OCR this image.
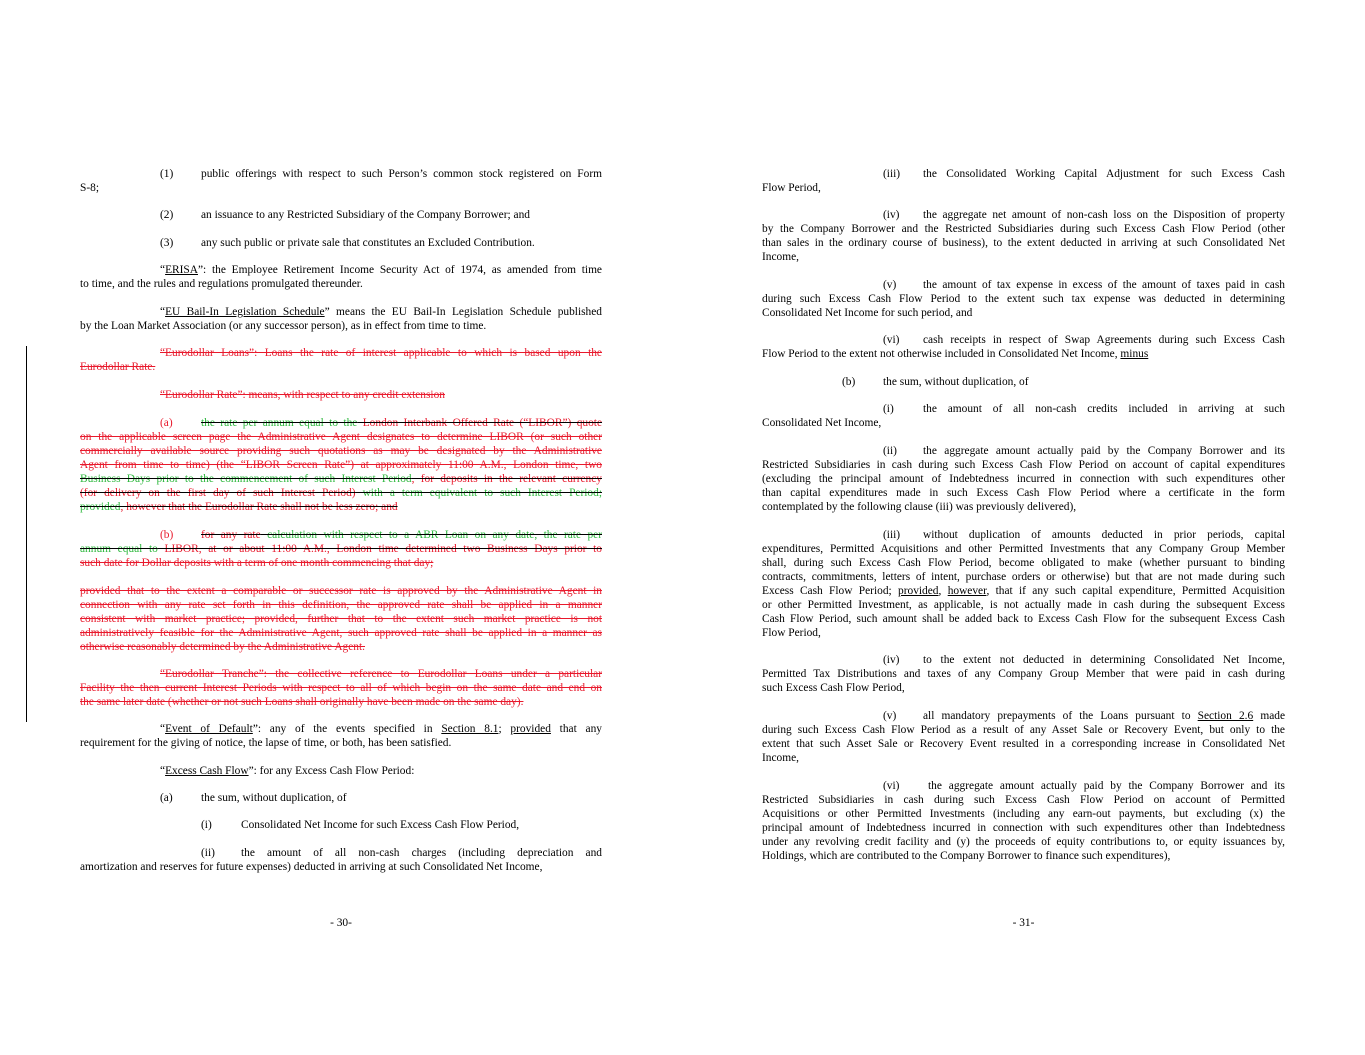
(1) public offerings with respect to such Person’s common stock registered on Form
S-8;
(2) an issuance to any Restricted Subsidiary of the Company Borrower; and
(3) any such public or private sale that constitutes an Excluded Contribution.
“ERISA”: the Employee Retirement Income Security Act of 1974, as amended from time
to time, and the rules and regulations promulgated thereunder.
“EU Bail-In Legislation Schedule” means the EU Bail-In Legislation Schedule published
by the Loan Market Association (or any successor person), as in effect from time to time.
“Eurodollar Loans”: Loans the rate of interest applicable to which is based upon the
Eurodollar Rate.
“Eurodollar Rate”: means, with respect to any credit extension
(a) the rate per annum equal to the London Interbank Offered Rate (“LIBOR”) quote
on the applicable screen page the Administrative Agent designates to determine LIBOR (or such other
commercially available source providing such quotations as may be designated by the Administrative
Agent from time to time) (the “LIBOR Screen Rate”) at approximately 11:00 A.M., London time, two
Business Days prior to the commencement of such Interest Period, for deposits in the relevant currency
(for delivery on the first day of such Interest Period) with a term equivalent to such Interest Period;
provided, however that the Eurodollar Rate shall not be less zero; and
(b) for any rate calculation with respect to a ABR Loan on any date, the rate per
annum equal to LIBOR, at or about 11:00 A.M., London time determined two Business Days prior to
such date for Dollar deposits with a term of one month commencing that day;
provided that to the extent a comparable or successor rate is approved by the Administrative Agent in
connection with any rate set forth in this definition, the approved rate shall be applied in a manner
consistent with market practice; provided, further that to the extent such market practice is not
administratively feasible for the Administrative Agent, such approved rate shall be applied in a manner as
otherwise reasonably determined by the Administrative Agent.
“Eurodollar Tranche”: the collective reference to Eurodollar Loans under a particular
Facility the then current Interest Periods with respect to all of which begin on the same date and end on
the same later date (whether or not such Loans shall originally have been made on the same day).
“Event of Default”: any of the events specified in Section 8.1; provided that any
requirement for the giving of notice, the lapse of time, or both, has been satisfied.
“Excess Cash Flow”: for any Excess Cash Flow Period:
(a) the sum, without duplication, of
(i)	Consolidated Net Income for such Excess Cash Flow Period,
(ii) the amount of all non-cash charges (including depreciation and
amortization and reserves for future expenses) deducted in arriving at such Consolidated Net Income,
- 30-
(iii) the Consolidated Working Capital Adjustment for such Excess Cash
Flow Period,
(iv) the aggregate net amount of non-cash loss on the Disposition of property
by the Company Borrower and the Restricted Subsidiaries during such Excess Cash Flow Period (other
than sales in the ordinary course of business), to the extent deducted in arriving at such Consolidated Net
Income,
(v) the amount of tax expense in excess of the amount of taxes paid in cash
during such Excess Cash Flow Period to the extent such tax expense was deducted in determining
Consolidated Net Income for such period, and
(vi) cash receipts in respect of Swap Agreements during such Excess Cash
Flow Period to the extent not otherwise included in Consolidated Net Income, minus
(b) the sum, without duplication, of
(i)	the amount of all non-cash credits included in arriving at such
Consolidated Net Income,
(ii) the aggregate amount actually paid by the Company Borrower and its
Restricted Subsidiaries in cash during such Excess Cash Flow Period on account of capital expenditures
(excluding the principal amount of Indebtedness incurred in connection with such expenditures other
than capital expenditures made in such Excess Cash Flow Period where a certificate in the form
contemplated by the following clause (iii) was previously delivered),
(iii) without duplication of amounts deducted in prior periods, capital
expenditures, Permitted Acquisitions and other Permitted Investments that any Company Group Member
shall, during such Excess Cash Flow Period, become obligated to make (whether pursuant to binding
contracts, commitments, letters of intent, purchase orders or otherwise) but that are not made during such
Excess Cash Flow Period; provided, however, that if any such capital expenditure, Permitted Acquisition
or other Permitted Investment, as applicable, is not actually made in cash during the subsequent Excess
Cash Flow Period, such amount shall be added back to Excess Cash Flow for the subsequent Excess Cash
Flow Period,
(iv) to the extent not deducted in determining Consolidated Net Income,
Permitted Tax Distributions and taxes of any Company Group Member that were paid in cash during
such Excess Cash Flow Period,
(v) all mandatory prepayments of the Loans pursuant to Section 2.6 made
during such Excess Cash Flow Period as a result of any Asset Sale or Recovery Event, but only to the
extent that such Asset Sale or Recovery Event resulted in a corresponding increase in Consolidated Net
Income,
(vi)	the aggregate amount actually paid by the Company Borrower and its
Restricted Subsidiaries in cash during such Excess Cash Flow Period on account of Permitted
Acquisitions or other Permitted Investments (including any earn-out payments, but excluding (x) the
principal amount of Indebtedness incurred in connection with such expenditures other than Indebtedness
under any revolving credit facility and (y) the proceeds of equity contributions to, or equity issuances by,
Holdings, which are contributed to the Company Borrower to finance such expenditures),
- 31-
